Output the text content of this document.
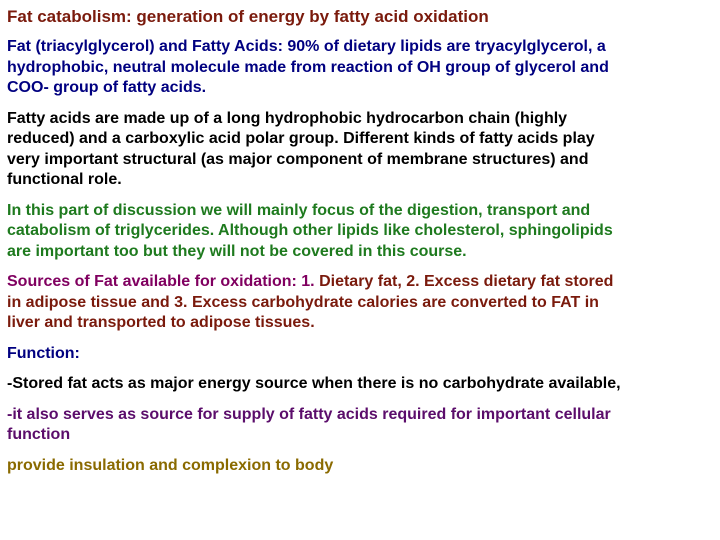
Fat catabolism: generation of energy by fatty acid oxidation
Fat (triacylglycerol) and Fatty Acids: 90% of dietary lipids are tryacylglycerol, a
hydrophobic, neutral molecule made from reaction of OH group of glycerol and
COO- group of fatty acids.
Fatty acids are made up of a long hydrophobic hydrocarbon chain (highly
reduced) and a carboxylic acid polar group. Different kinds of fatty acids play
very important structural (as major component of membrane structures) and
functional role.
In this part of discussion we will mainly focus of the digestion, transport and
catabolism of triglycerides. Although other lipids like cholesterol, sphingolipids
are important too but they will not be covered in this course.
Sources of Fat available for oxidation: 1. Dietary fat, 2. Excess dietary fat stored
in adipose tissue and 3. Excess carbohydrate calories are converted to FAT in
liver and transported to adipose tissues.
Function:
-Stored fat acts as major energy source when there is no carbohydrate available,
-it also serves as source for supply of fatty acids required for important cellular
function
provide insulation and complexion to body
